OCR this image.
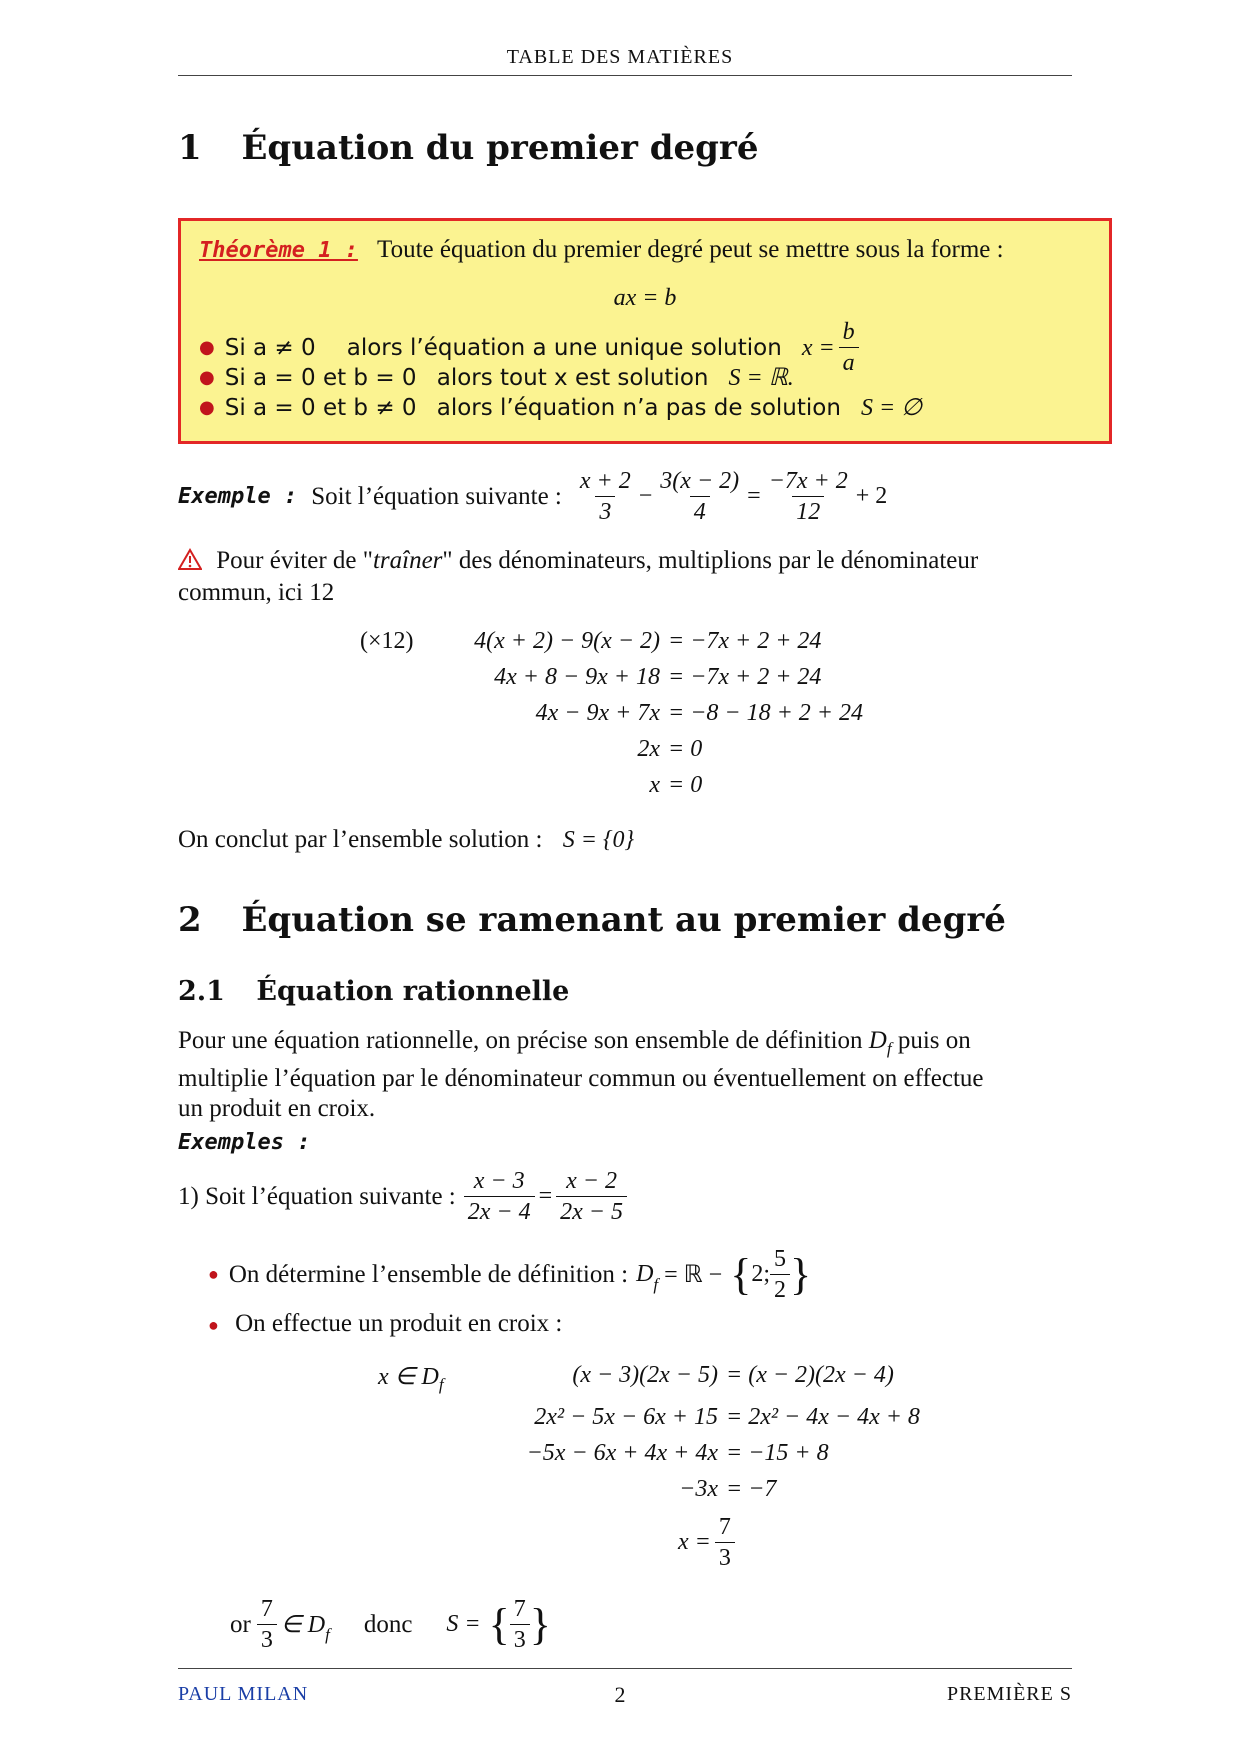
TABLE DES MATIÈRES
1 Équation du premier degré
Théorème 1 : Toute équation du premier degré peut se mettre sous la forme :
ax = b
● Si a ≠ 0	alors l’équation a une unique solution $x = \frac{b}{a}$
● Si a = 0 et b = 0 alors tout x est solution S = ℝ.
● Si a = 0 et b ≠ 0 alors l’équation n’a pas de solution S = ∅
Exemple : Soit l’équation suivante : $\frac{x + 2}{3} - \frac{3(x - 2)}{4} = \frac{-7x + 2}{12} + 2$
Pour éviter de "traîner" des dénominateurs, multiplions par le dénominateur
commun, ici 12
(×12)	4(x + 2) − 9(x − 2) = −7x + 2 + 24
4x + 8 − 9x + 18 = −7x + 2 + 24
4x − 9x + 7x = −8 − 18 + 2 + 24
2x = 0
x = 0
On conclut par l’ensemble solution : S = {0}
2 Équation se ramenant au premier degré
2.1 Équation rationnelle
Pour une équation rationnelle, on précise son ensemble de définition $D_f$ puis on
multiplie l’équation par le dénominateur commun ou éventuellement on effectue
un produit en croix.
Exemples :
1) Soit l’équation suivante : $\frac{x - 3}{2x - 4} = \frac{x - 2}{2x - 5}$
● On détermine l’ensemble de définition : $D_f$ = ℝ − { 2; $\frac{5}{2}$ }
● On effectue un produit en croix :
x ∈ $D_f$	(x − 3)(2x − 5) = (x − 2)(2x − 4)
2x² − 5x − 6x + 15 = 2x² − 4x − 4x + 8
−5x − 6x + 4x + 4x = −15 + 8
−3x = −7
$x = \frac{7}{3}$
or $\frac{7}{3}$ ∈ $D_f$ donc S = { $\frac{7}{3}$ }
PAUL MILAN	2	PREMIÈRE S
